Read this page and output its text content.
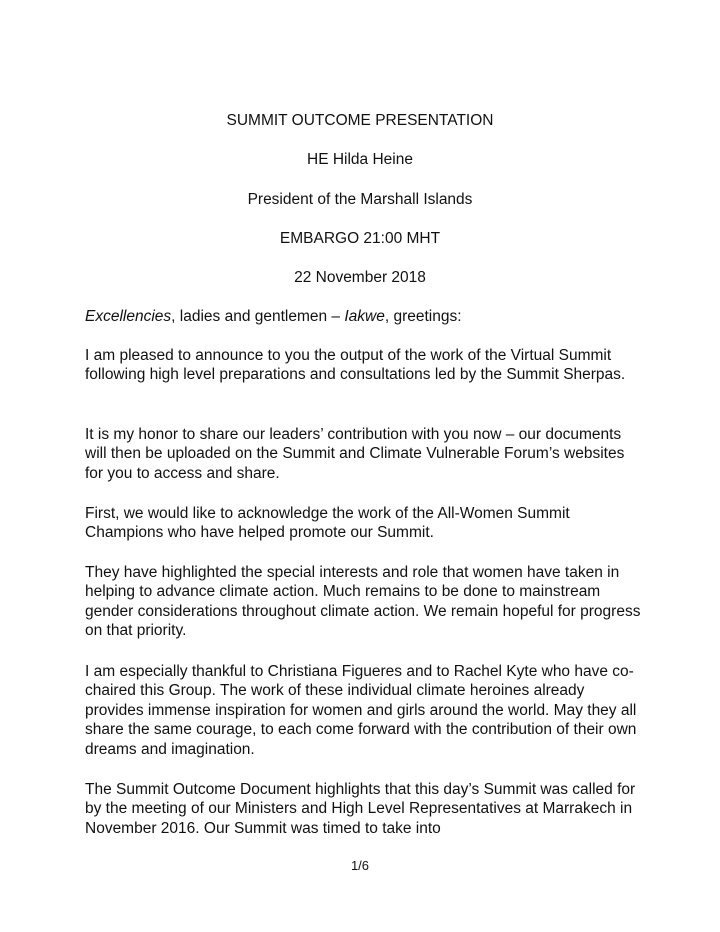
SUMMIT OUTCOME PRESENTATION
HE Hilda Heine
President of the Marshall Islands
EMBARGO 21:00 MHT
22 November 2018

Excellencies, ladies and gentlemen – Iakwe, greetings:

I am pleased to announce to you the output of the work of the Virtual Summit following high level preparations and consultations led by the Summit Sherpas.

It is my honor to share our leaders’ contribution with you now – our documents will then be uploaded on the Summit and Climate Vulnerable Forum’s websites for you to access and share.

First, we would like to acknowledge the work of the All-Women Summit Champions who have helped promote our Summit.

They have highlighted the special interests and role that women have taken in helping to advance climate action. Much remains to be done to mainstream gender considerations throughout climate action. We remain hopeful for progress on that priority.

I am especially thankful to Christiana Figueres and to Rachel Kyte who have co-chaired this Group. The work of these individual climate heroines already provides immense inspiration for women and girls around the world. May they all share the same courage, to each come forward with the contribution of their own dreams and imagination.

The Summit Outcome Document highlights that this day’s Summit was called for by the meeting of our Ministers and High Level Representatives at Marrakech in November 2016. Our Summit was timed to take into

1/6
